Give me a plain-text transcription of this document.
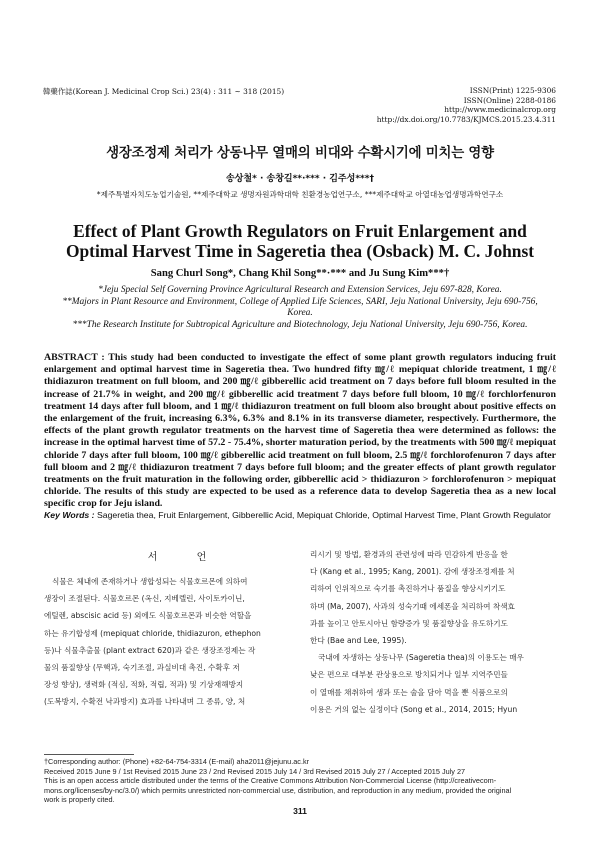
韓藥作誌(Korean J. Medicinal Crop Sci.) 23(4) : 311 ~ 318 (2015)	ISSN(Print) 1225-9306
ISSN(Online) 2288-0186
http://www.medicinalcrop.org
http://dx.doi.org/10.7783/KJMCS.2015.23.4.311
생장조정제 처리가 상동나무 열매의 비대와 수확시기에 미치는 영향
송상철* · 송창길**·*** · 김주성***†
*제주특별자치도농업기술원, **제주대학교 생명자원과학대학 친환경농업연구소, ***제주대학교 아열대농업생명과학연구소
Effect of Plant Growth Regulators on Fruit Enlargement and
Optimal Harvest Time in Sageretia thea (Osback) M. C. Johnst
Sang Churl Song*, Chang Khil Song**·*** and Ju Sung Kim***†
*Jeju Special Self Governing Province Agricultural Research and Extension Services, Jeju 697-828, Korea.
**Majors in Plant Resource and Environment, College of Applied Life Sciences, SARI, Jeju National University, Jeju 690-756, Korea.
***The Research Institute for Subtropical Agriculture and Biotechnology, Jeju National University, Jeju 690-756, Korea.
ABSTRACT : This study had been conducted to investigate the effect of some plant growth regulators inducing fruit enlargement and optimal harvest time in Sageretia thea. Two hundred fifty ㎎/ℓ mepiquat chloride treatment, 1 ㎎/ℓ thidiazuron treatment on full bloom, and 200 ㎎/ℓ gibberellic acid treatment on 7 days before full bloom resulted in the increase of 21.7% in weight, and 200 ㎎/ℓ gibberellic acid treatment 7 days before full bloom, 10 ㎎/ℓ forchlorfenuron treatment 14 days after full bloom, and 1 ㎎/ℓ thidiazuron treatment on full bloom also brought about positive effects on the enlargement of the fruit, increasing 6.3%, 6.3% and 8.1% in its transverse diameter, respectively. Furthermore, the effects of the plant growth regulator treatments on the harvest time of Sageretia thea were determined as follows: the increase in the optimal harvest time of 57.2 - 75.4%, shorter maturation period, by the treatments with 500 ㎎/ℓ mepiquat chloride 7 days after full bloom, 100 ㎎/ℓ gibberellic acid treatment on full bloom, 2.5 ㎎/ℓ forchlorofenuron 7 days after full bloom and 2 ㎎/ℓ thidiazuron treatment 7 days before full bloom; and the greater effects of plant growth regulator treatments on the fruit maturation in the following order, gibberellic acid > thidiazuron > forchlorofenuron > mepiquat chloride. The results of this study are expected to be used as a reference data to develop Sageretia thea as a new local specific crop for Jeju island.
Key Words : Sageretia thea, Fruit Enlargement, Gibberellic Acid, Mepiquat Chloride, Optimal Harvest Time, Plant Growth Regulator
서 언
식물은 체내에 존재하거나 생합성되는 식물호르몬에 의하여
생장이 조절된다. 식물호르몬 (옥신, 지베렐린, 사이토카이닌,
에틸렌, abscisic acid 등) 외에도 식물호르몬과 비슷한 역할을
하는 유기합성제 (mepiquat chloride, thidiazuron, ethephon
등)나 식물추출물 (plant extract 620)과 같은 생장조정제는 작
물의 품질향상 (무핵과, 숙기조절, 과실비대 촉진, 수확후 저
장성 향상), 생력화 (적심, 적화, 적립, 적과) 및 기상재해방지
(도복방지, 수확전 낙과방지) 효과를 나타내며 그 종류, 양, 처
리시기 및 방법, 환경과의 관련성에 따라 민감하게 반응을 한
다 (Kang et al., 1995; Kang, 2001). 감에 생장조정제를 처
리하여 인위적으로 숙기를 촉진하거나 품질을 향상시키기도
하며 (Ma, 2007), 사과의 성숙기때 에세폰을 처리하여 착색효
과를 높이고 안토시아닌 함량증가 및 품질향상을 유도하기도
한다 (Bae and Lee, 1995).
국내에 자생하는 상동나무 (Sageretia thea)의 이용도는 매우
낮은 편으로 대부분 관상용으로 방치되거나 일부 지역주민들
이 열매를 채취하여 생과 또는 술을 담아 먹을 뿐 식품으로의
이용은 거의 없는 실정이다 (Song et al., 2014, 2015; Hyun
†Corresponding author: (Phone) +82-64-754-3314 (E-mail) aha2011@jejunu.ac.kr
Received 2015 June 9 / 1st Revised 2015 June 23 / 2nd Revised 2015 July 14 / 3rd Revised 2015 July 27 / Accepted 2015 July 27
This is an open access article distributed under the terms of the Creative Commons Attribution Non-Commercial License (http://creativecom-
mons.org/licenses/by-nc/3.0/) which permits unrestricted non-commercial use, distribution, and reproduction in any medium, provided the original
work is properly cited.
311
